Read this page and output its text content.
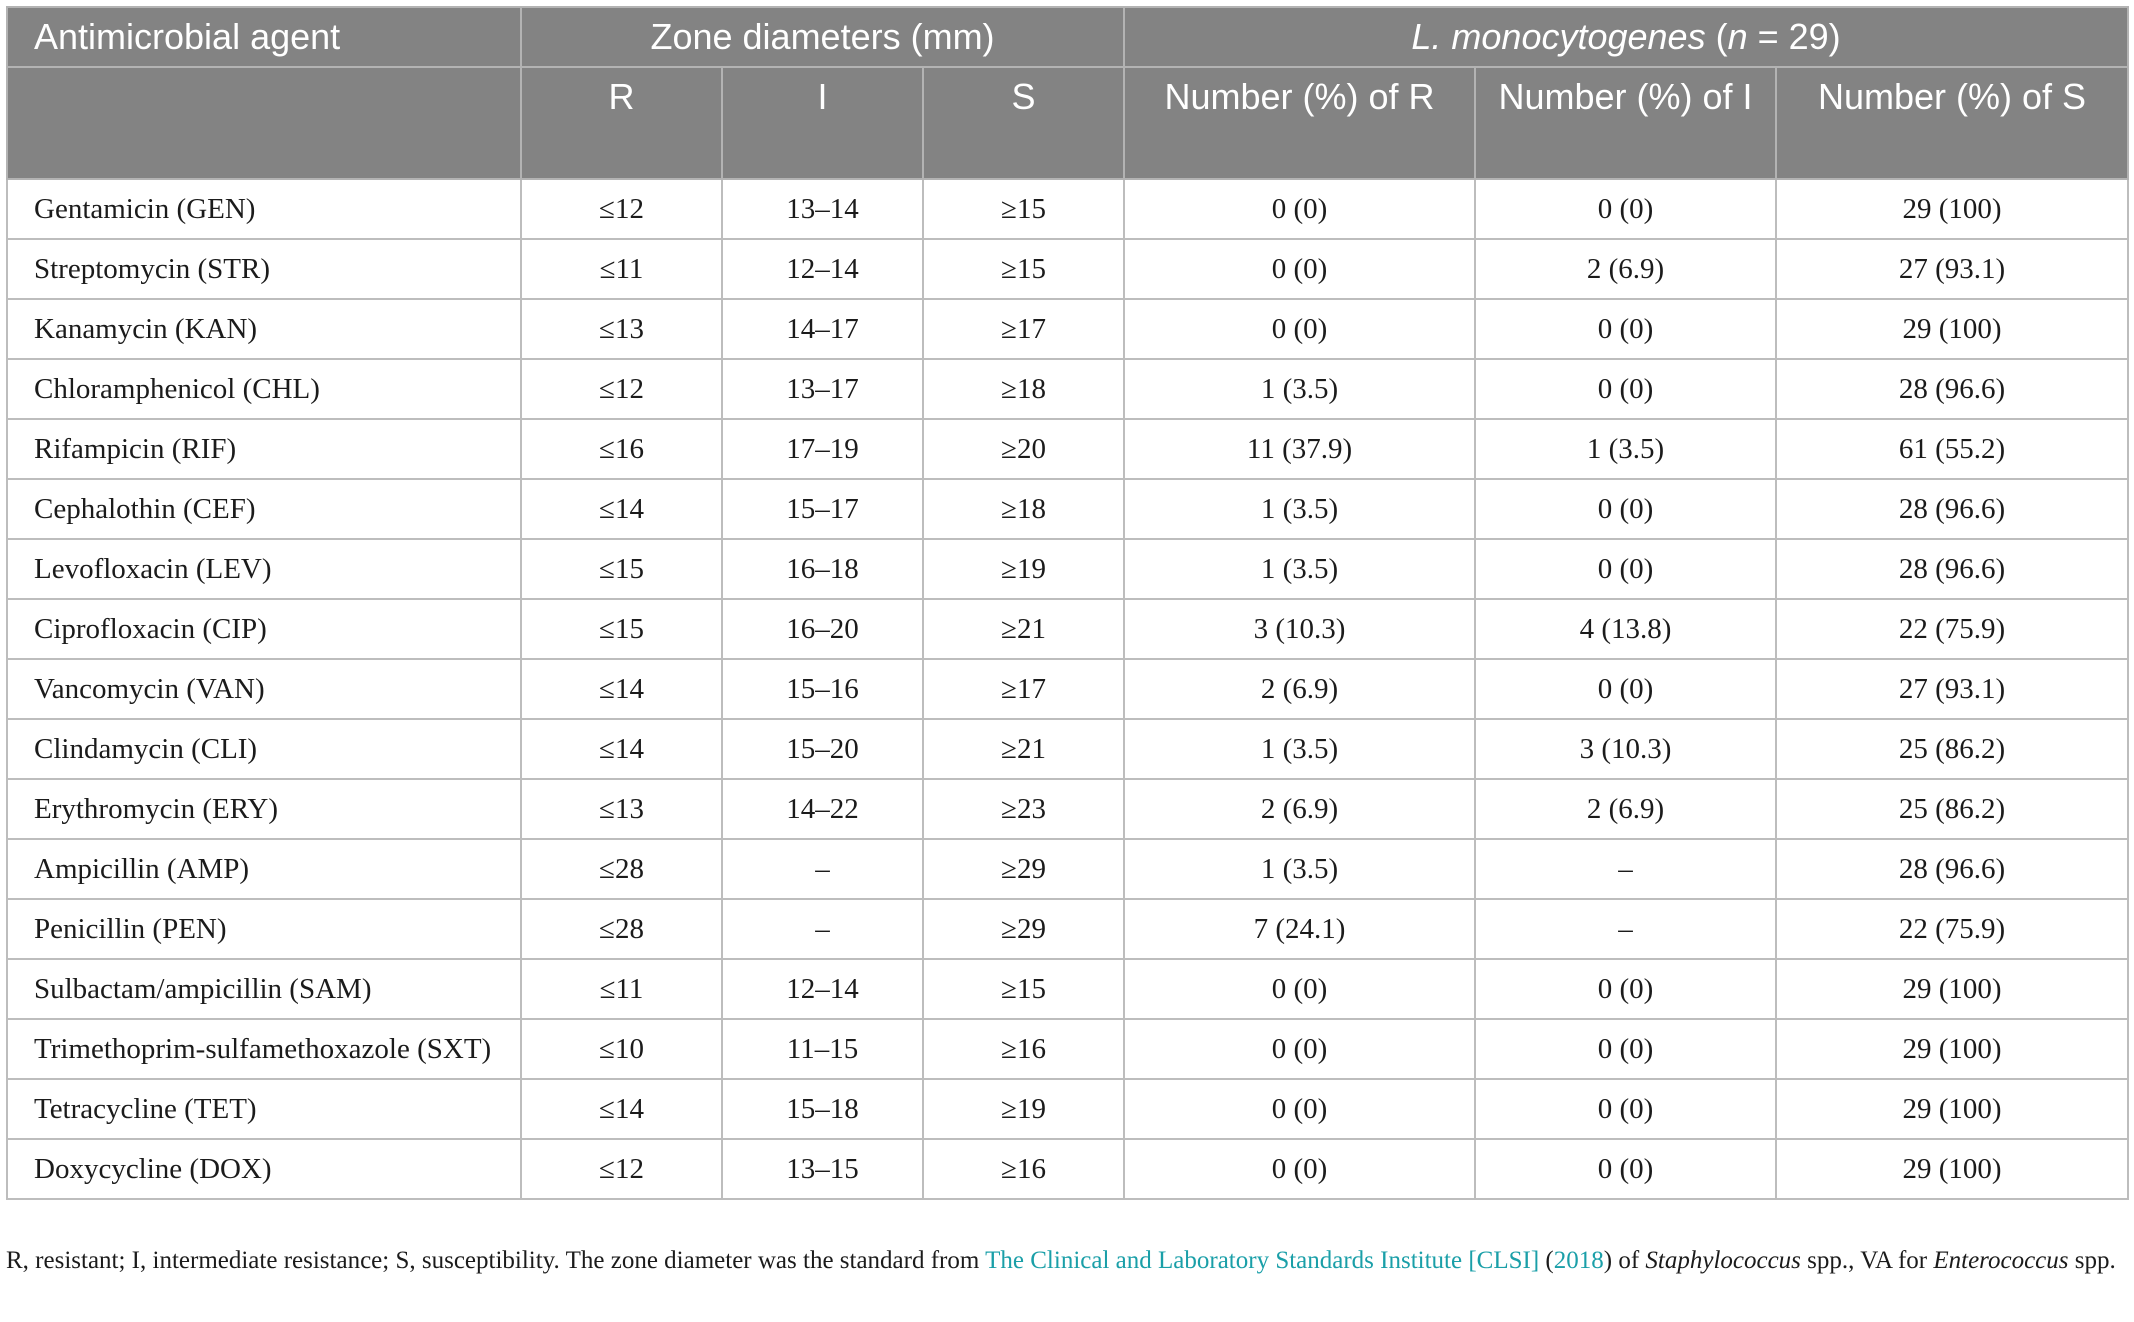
Antimicrobial agent	Zone diameters (mm)			L. monocytogenes (n = 29)		
	R	I	S	Number (%) of R	Number (%) of I	Number (%) of S
Gentamicin (GEN)	≤12	13–14	≥15	0 (0)	0 (0)	29 (100)
Streptomycin (STR)	≤11	12–14	≥15	0 (0)	2 (6.9)	27 (93.1)
Kanamycin (KAN)	≤13	14–17	≥17	0 (0)	0 (0)	29 (100)
Chloramphenicol (CHL)	≤12	13–17	≥18	1 (3.5)	0 (0)	28 (96.6)
Rifampicin (RIF)	≤16	17–19	≥20	11 (37.9)	1 (3.5)	61 (55.2)
Cephalothin (CEF)	≤14	15–17	≥18	1 (3.5)	0 (0)	28 (96.6)
Levofloxacin (LEV)	≤15	16–18	≥19	1 (3.5)	0 (0)	28 (96.6)
Ciprofloxacin (CIP)	≤15	16–20	≥21	3 (10.3)	4 (13.8)	22 (75.9)
Vancomycin (VAN)	≤14	15–16	≥17	2 (6.9)	0 (0)	27 (93.1)
Clindamycin (CLI)	≤14	15–20	≥21	1 (3.5)	3 (10.3)	25 (86.2)
Erythromycin (ERY)	≤13	14–22	≥23	2 (6.9)	2 (6.9)	25 (86.2)
Ampicillin (AMP)	≤28	–	≥29	1 (3.5)	–	28 (96.6)
Penicillin (PEN)	≤28	–	≥29	7 (24.1)	–	22 (75.9)
Sulbactam/ampicillin (SAM)	≤11	12–14	≥15	0 (0)	0 (0)	29 (100)
Trimethoprim-sulfamethoxazole (SXT)	≤10	11–15	≥16	0 (0)	0 (0)	29 (100)
Tetracycline (TET)	≤14	15–18	≥19	0 (0)	0 (0)	29 (100)
Doxycycline (DOX)	≤12	13–15	≥16	0 (0)	0 (0)	29 (100)
R, resistant; I, intermediate resistance; S, susceptibility. The zone diameter was the standard from The Clinical and Laboratory Standards Institute [CLSI] (2018) of Staphylococcus spp., VA for Enterococcus spp.
